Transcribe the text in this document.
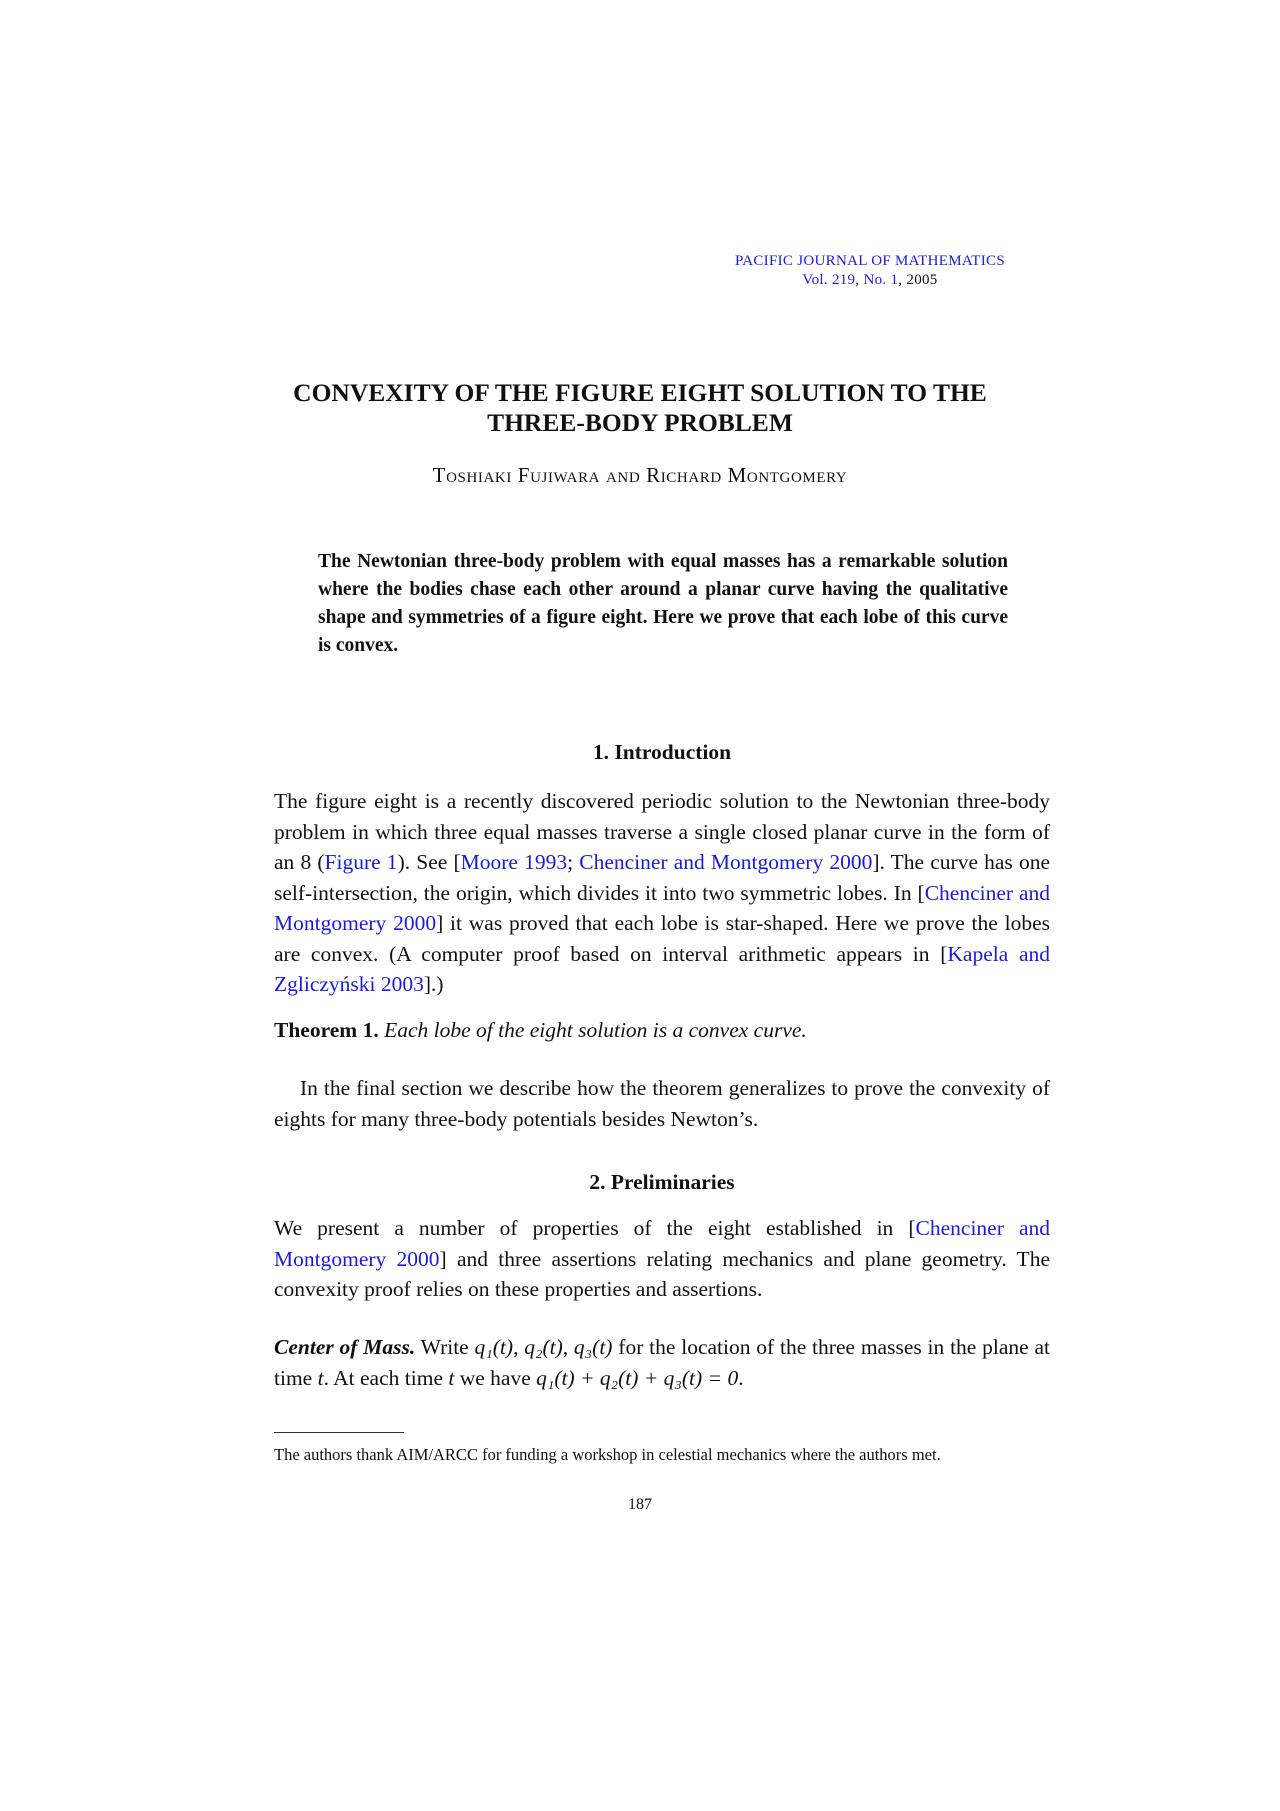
PACIFIC JOURNAL OF MATHEMATICS
Vol. 219, No. 1, 2005
CONVEXITY OF THE FIGURE EIGHT SOLUTION TO THE
THREE-BODY PROBLEM
Toshiaki Fujiwara and Richard Montgomery
The Newtonian three-body problem with equal masses has a remarkable solution where the bodies chase each other around a planar curve having the qualitative shape and symmetries of a figure eight. Here we prove that each lobe of this curve is convex.
1. Introduction
The figure eight is a recently discovered periodic solution to the Newtonian three-body problem in which three equal masses traverse a single closed planar curve in the form of an 8 (Figure 1). See [Moore 1993; Chenciner and Montgomery 2000]. The curve has one self-intersection, the origin, which divides it into two symmetric lobes. In [Chenciner and Montgomery 2000] it was proved that each lobe is star-shaped. Here we prove the lobes are convex. (A computer proof based on interval arithmetic appears in [Kapela and Zgliczyński 2003].)
Theorem 1. Each lobe of the eight solution is a convex curve.
In the final section we describe how the theorem generalizes to prove the convexity of eights for many three-body potentials besides Newton’s.
2. Preliminaries
We present a number of properties of the eight established in [Chenciner and Montgomery 2000] and three assertions relating mechanics and plane geometry. The convexity proof relies on these properties and assertions.
Center of Mass. Write q₁(t), q₂(t), q₃(t) for the location of the three masses in the plane at time t. At each time t we have q₁(t) + q₂(t) + q₃(t) = 0.
The authors thank AIM/ARCC for funding a workshop in celestial mechanics where the authors met.
187
